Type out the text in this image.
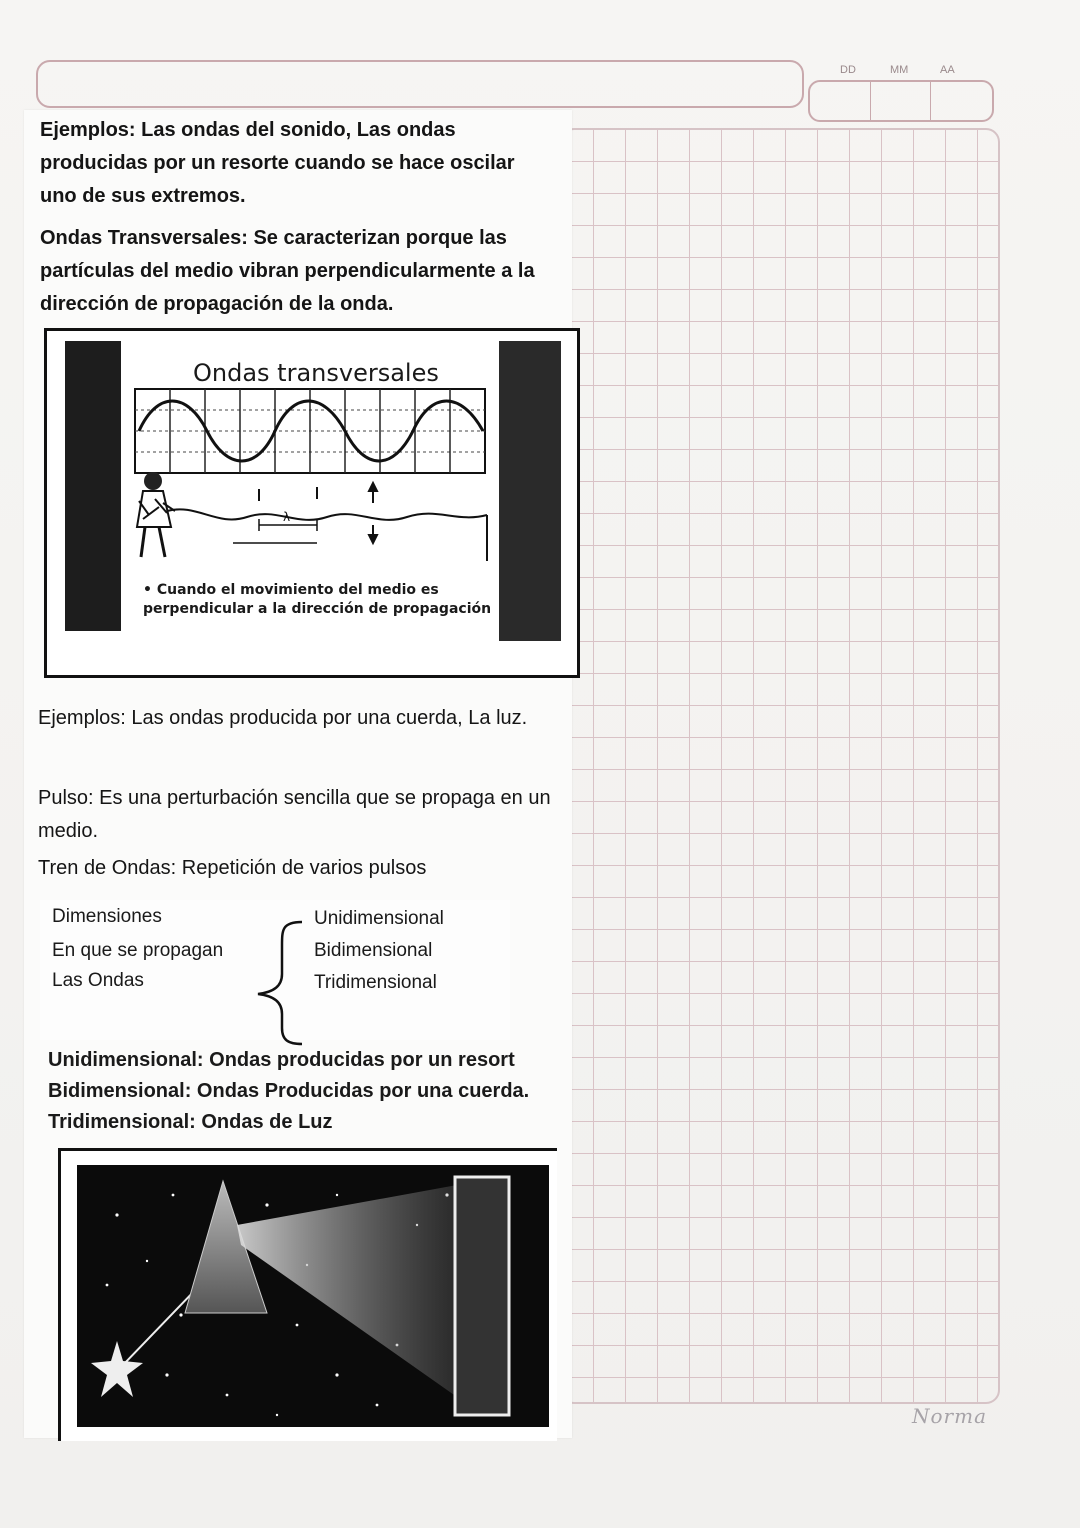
DD	MM	AA
Norma
Ejemplos: Las ondas del sonido, Las ondas producidas por un resorte cuando se hace oscilar uno de sus extremos.
Ondas Transversales: Se caracterizan porque las partículas del medio vibran perpendicularmente a la dirección de propagación de la onda.
Ondas transversales
λ
• Cuando el movimiento del medio es perpendicular a la dirección de propagación
Ejemplos: Las ondas producida por una cuerda, La luz.
Pulso: Es una perturbación sencilla que se propaga en un medio.
Tren de Ondas: Repetición de varios pulsos
Dimensiones
En que se propagan
Las Ondas
Unidimensional
Bidimensional
Tridimensional
Unidimensional: Ondas producidas por un resort
Bidimensional: Ondas Producidas por una cuerda.
Tridimensional: Ondas de Luz
